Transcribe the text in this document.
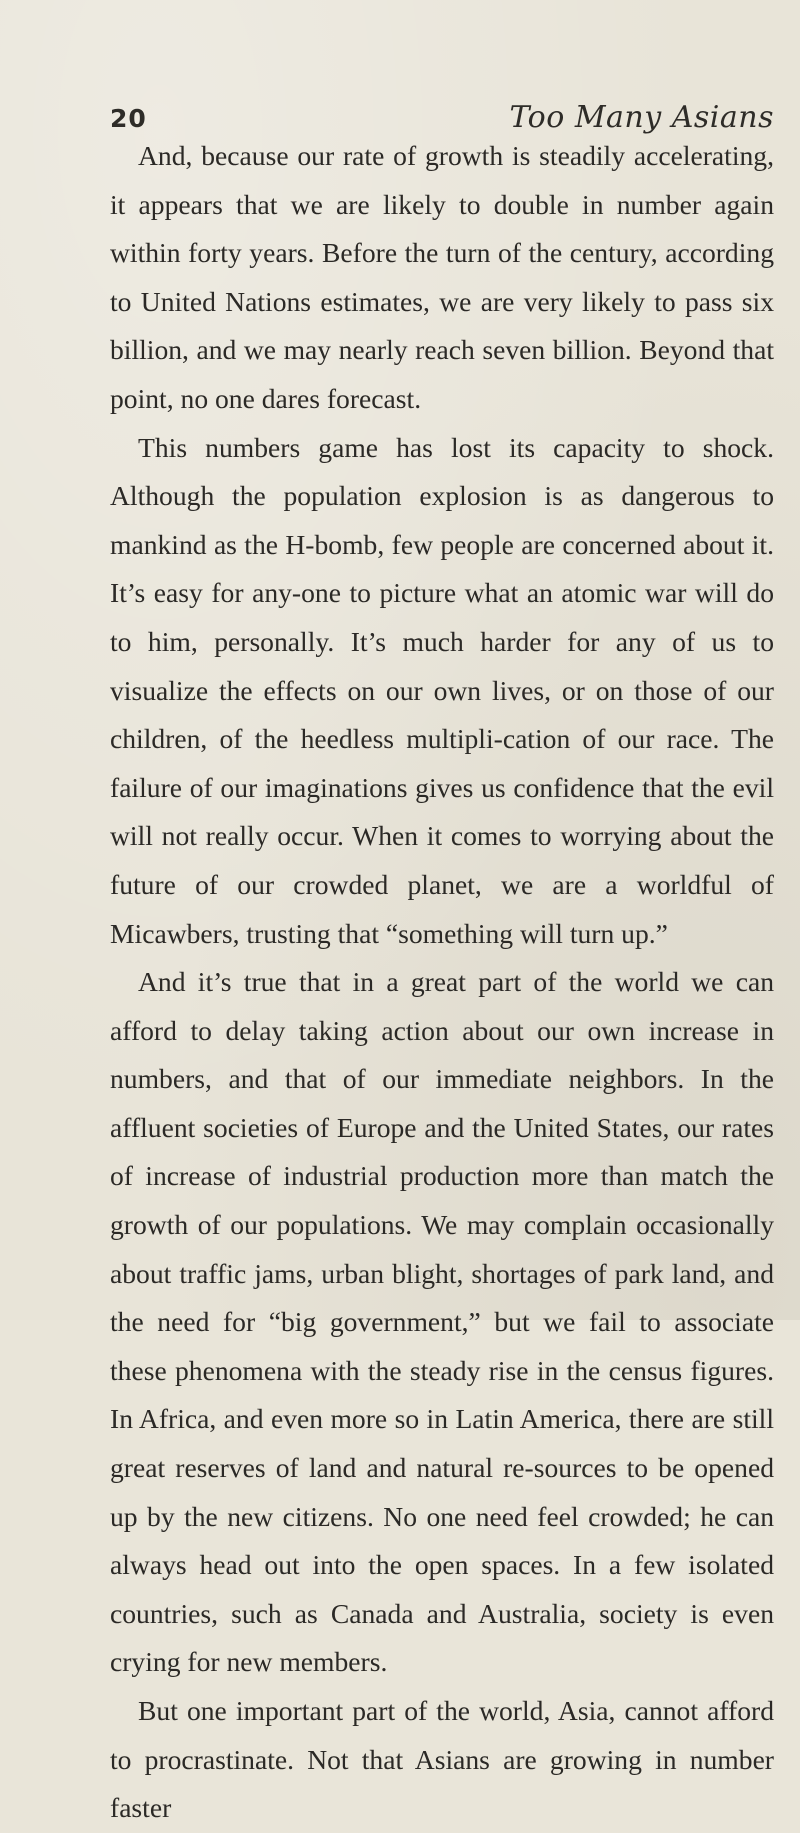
20	Too Many Asians

And, because our rate of growth is steadily accelerating, it appears that we are likely to double in number again within forty years. Before the turn of the century, according to United Nations estimates, we are very likely to pass six billion, and we may nearly reach seven billion. Beyond that point, no one dares forecast.

This numbers game has lost its capacity to shock. Although the population explosion is as dangerous to mankind as the H-bomb, few people are concerned about it. It’s easy for any-one to picture what an atomic war will do to him, personally. It’s much harder for any of us to visualize the effects on our own lives, or on those of our children, of the heedless multipli-cation of our race. The failure of our imaginations gives us confidence that the evil will not really occur. When it comes to worrying about the future of our crowded planet, we are a worldful of Micawbers, trusting that “something will turn up.”

And it’s true that in a great part of the world we can afford to delay taking action about our own increase in numbers, and that of our immediate neighbors. In the affluent societies of Europe and the United States, our rates of increase of industrial production more than match the growth of our populations. We may complain occasionally about traffic jams, urban blight, shortages of park land, and the need for “big government,” but we fail to associate these phenomena with the steady rise in the census figures. In Africa, and even more so in Latin America, there are still great reserves of land and natural re-sources to be opened up by the new citizens. No one need feel crowded; he can always head out into the open spaces. In a few isolated countries, such as Canada and Australia, society is even crying for new members.

But one important part of the world, Asia, cannot afford to procrastinate. Not that Asians are growing in number faster
